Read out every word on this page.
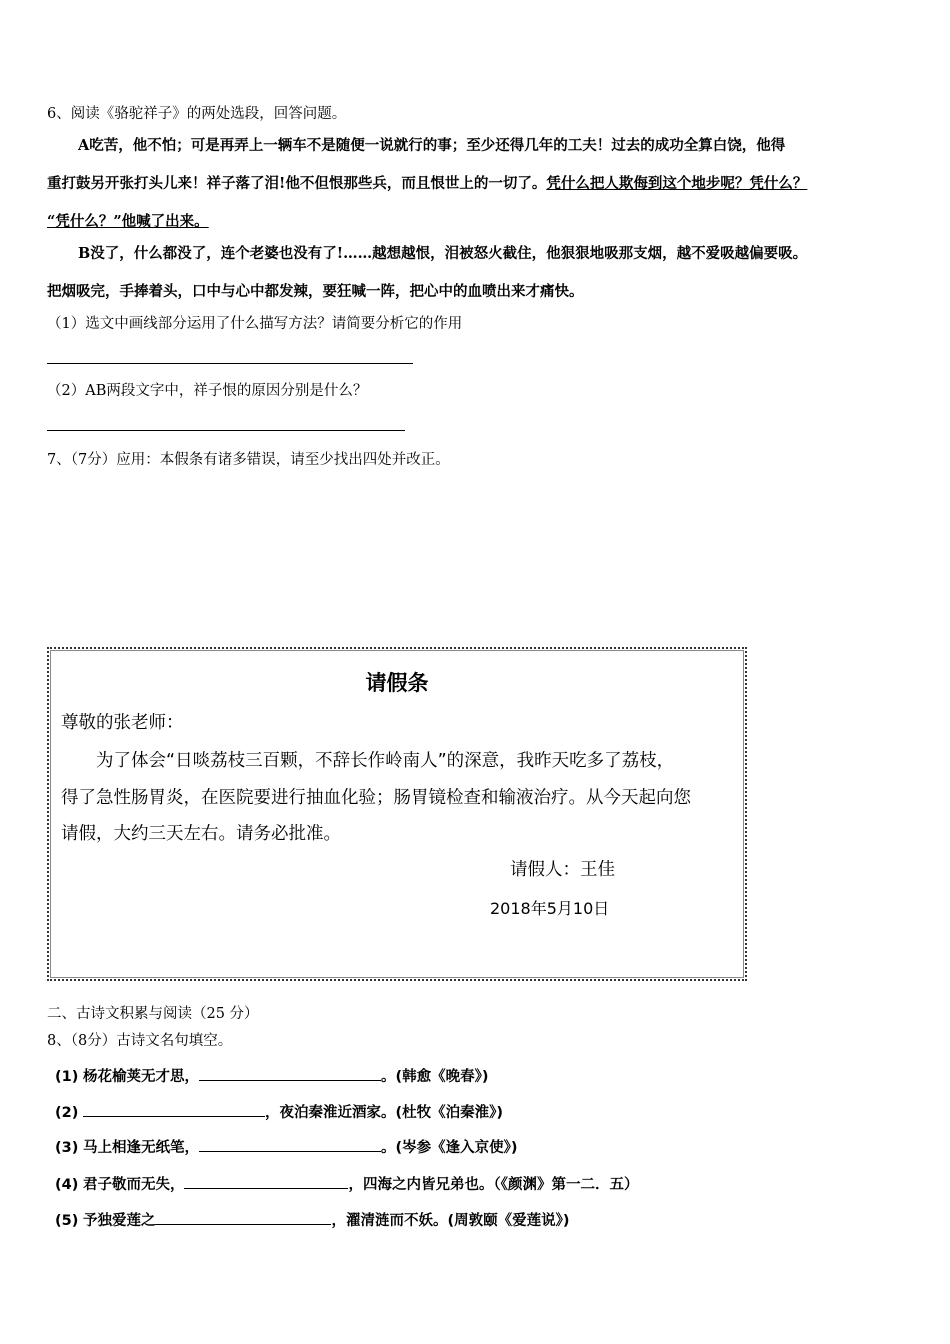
6、阅读《骆驼祥子》的两处选段，回答问题。
A吃苦，他不怕；可是再弄上一辆车不是随便一说就行的事；至少还得几年的工夫！过去的成功全算白饶，他得
重打鼓另开张打头儿来！祥子落了泪!他不但恨那些兵，而且恨世上的一切了。凭什么把人欺侮到这个地步呢？凭什么？
“凭什么？”他喊了出来。
B没了，什么都没了，连个老婆也没有了!……越想越恨，泪被怒火截住，他狠狠地吸那支烟，越不爱吸越偏要吸。
把烟吸完，手捧着头，口中与心中都发辣，要狂喊一阵，把心中的血喷出来才痛快。
（1）选文中画线部分运用了什么描写方法？请简要分析它的作用
（2）AB两段文字中，祥子恨的原因分别是什么？
7、（7分）应用：本假条有诸多错误，请至少找出四处并改正。
请假条
尊敬的张老师：
为了体会“日啖荔枝三百颗，不辞长作岭南人”的深意，我昨天吃多了荔枝，
得了急性肠胃炎，在医院要进行抽血化验；肠胃镜检查和输液治疗。从今天起向您
请假，大约三天左右。请务必批准。
请假人：王佳
2018年5月10日
二、古诗文积累与阅读（25 分）
8、（8分）古诗文名句填空。
(1) 杨花榆荚无才思，	。(韩愈《晚春》)
(2)	，夜泊秦淮近酒家。(杜牧《泊秦淮》)
(3) 马上相逢无纸笔，	。(岑参《逢入京使》)
(4) 君子敬而无失，	，四海之内皆兄弟也。（《颜渊》第一二．五）
(5) 予独爱莲之	，濯清涟而不妖。(周敦颐《爱莲说》)
